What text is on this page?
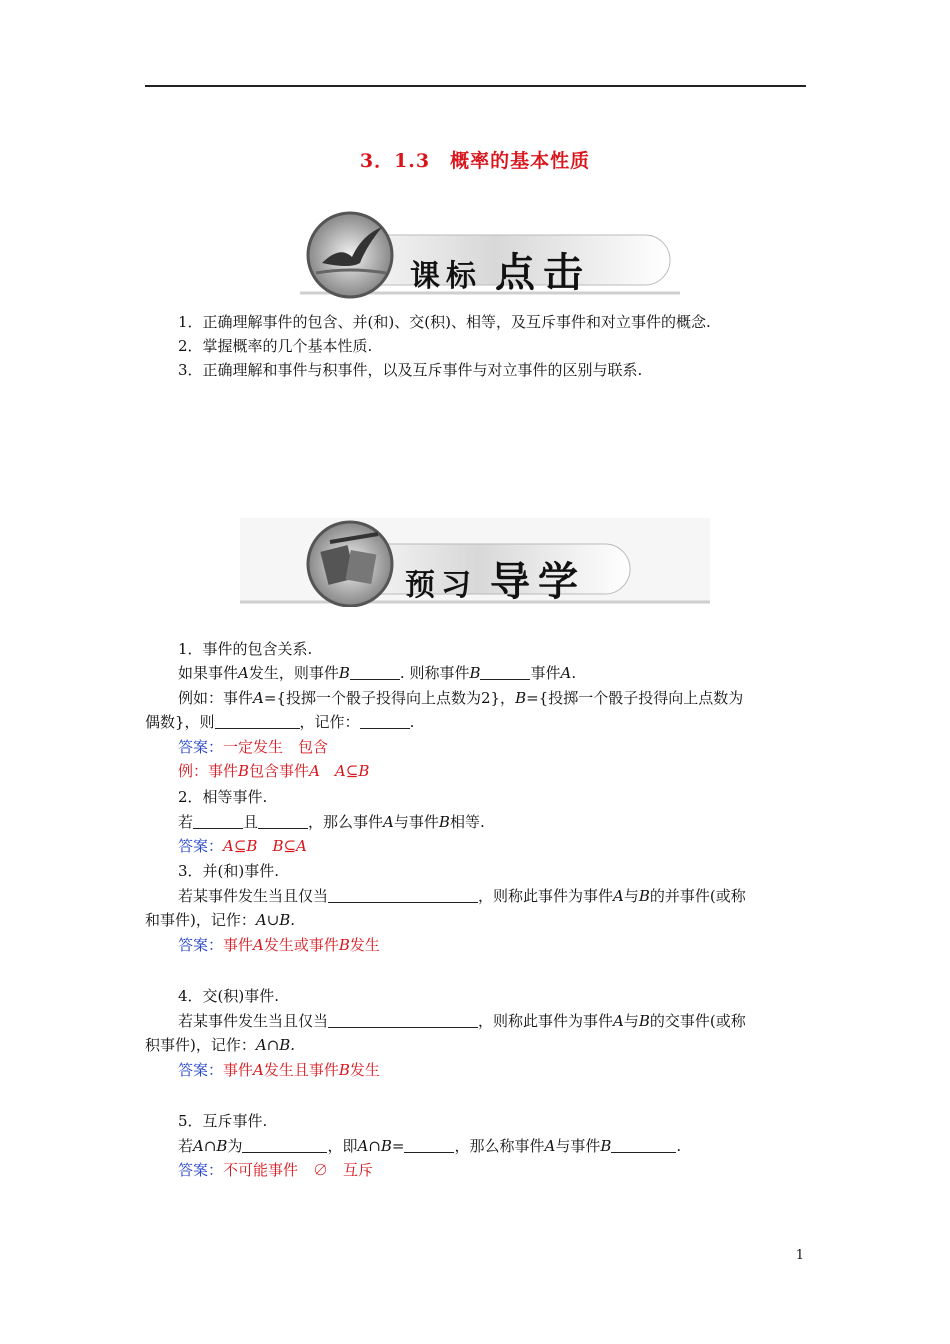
3．1.3　概率的基本性质
课标 点击
1．正确理解事件的包含、并(和)、交(积)、相等，及互斥事件和对立事件的概念.
2．掌握概率的几个基本性质.
3．正确理解和事件与积事件，以及互斥事件与对立事件的区别与联系.
预习 导学
1．事件的包含关系.
如果事件A发生，则事件B	. 则称事件B	事件A.
例如：事件A={投掷一个骰子投得向上点数为2}，B={投掷一个骰子投得向上点数为
偶数}，则	，记作：	.
答案：一定发生　包含
例：事件B包含事件A　 A⊆B
2．相等事件.
若	且	，那么事件A与事件B相等.
答案：A⊆B　B⊆A
3．并(和)事件.
若某事件发生当且仅当	，则称此事件为事件A与B的并事件(或称
和事件)，记作：A∪B.
答案：事件A发生或事件B发生
4．交(积)事件.
若某事件发生当且仅当	，则称此事件为事件A与B的交事件(或称
积事件)，记作：A∩B.
答案：事件A发生且事件B发生
5．互斥事件.
若A∩B为	，即A∩B=	，那么称事件A与事件B	.
答案：不可能事件　∅　互斥
1
